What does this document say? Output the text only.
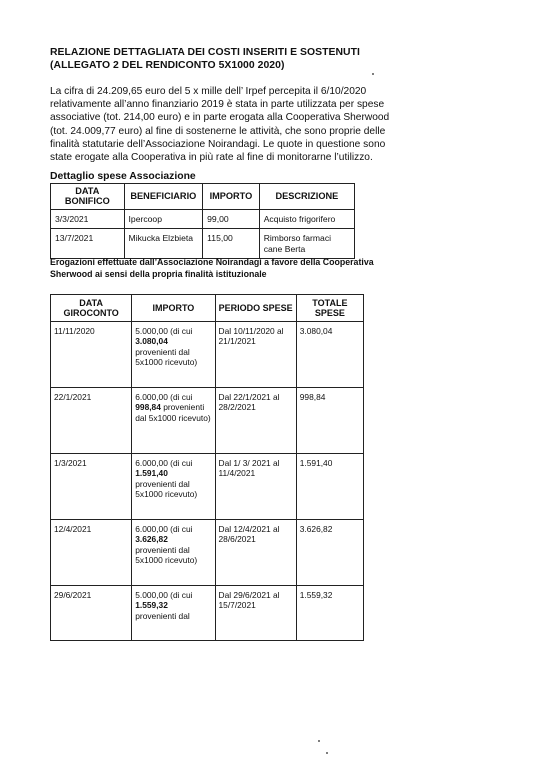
RELAZIONE DETTAGLIATA DEI COSTI INSERITI E SOSTENUTI
(ALLEGATO 2 DEL RENDICONTO 5X1000 2020)
La cifra di 24.209,65 euro del 5 x mille dell’ Irpef percepita il 6/10/2020
relativamente all’anno finanziario 2019 è stata in parte utilizzata per spese
associative (tot. 214,00 euro) e in parte erogata alla Cooperativa Sherwood
(tot. 24.009,77 euro) al fine di sostenerne le attività, che sono proprie delle
finalità statutarie dell’Associazione Noirandagi. Le quote in questione sono
state erogate alla Cooperativa in più rate al fine di monitorarne l’utilizzo.
Dettaglio spese Associazione
DATA BONIFICO	BENEFICIARIO	IMPORTO	DESCRIZIONE
3/3/2021	Ipercoop	99,00	Acquisto frigorifero
13/7/2021	Mikucka Elzbieta	115,00	Rimborso farmaci cane Berta
Erogazioni effettuate dall’Associazione Noirandagi a favore della Cooperativa
Sherwood ai sensi della propria finalità istituzionale
DATA GIROCONTO	IMPORTO	PERIODO SPESE	TOTALE SPESE
11/11/2020	5.000,00 (di cui
3.080,04
provenienti dal 5x1000 ricevuto)	Dal 10/11/2020 al 21/1/2021	3.080,04
22/1/2021	6.000,00 (di cui
998,84 provenienti dal 5x1000 ricevuto)	Dal 22/1/2021 al 28/2/2021	998,84
1/3/2021	6.000,00 (di cui
1.591,40
provenienti dal 5x1000 ricevuto)	Dal 1/ 3/ 2021 al 11/4/2021	1.591,40
12/4/2021	6.000,00 (di cui
3.626,82
provenienti dal 5x1000 ricevuto)	Dal 12/4/2021 al 28/6/2021	3.626,82
29/6/2021	5.000,00 (di cui
1.559,32
provenienti dal	Dal 29/6/2021 al 15/7/2021	1.559,32
